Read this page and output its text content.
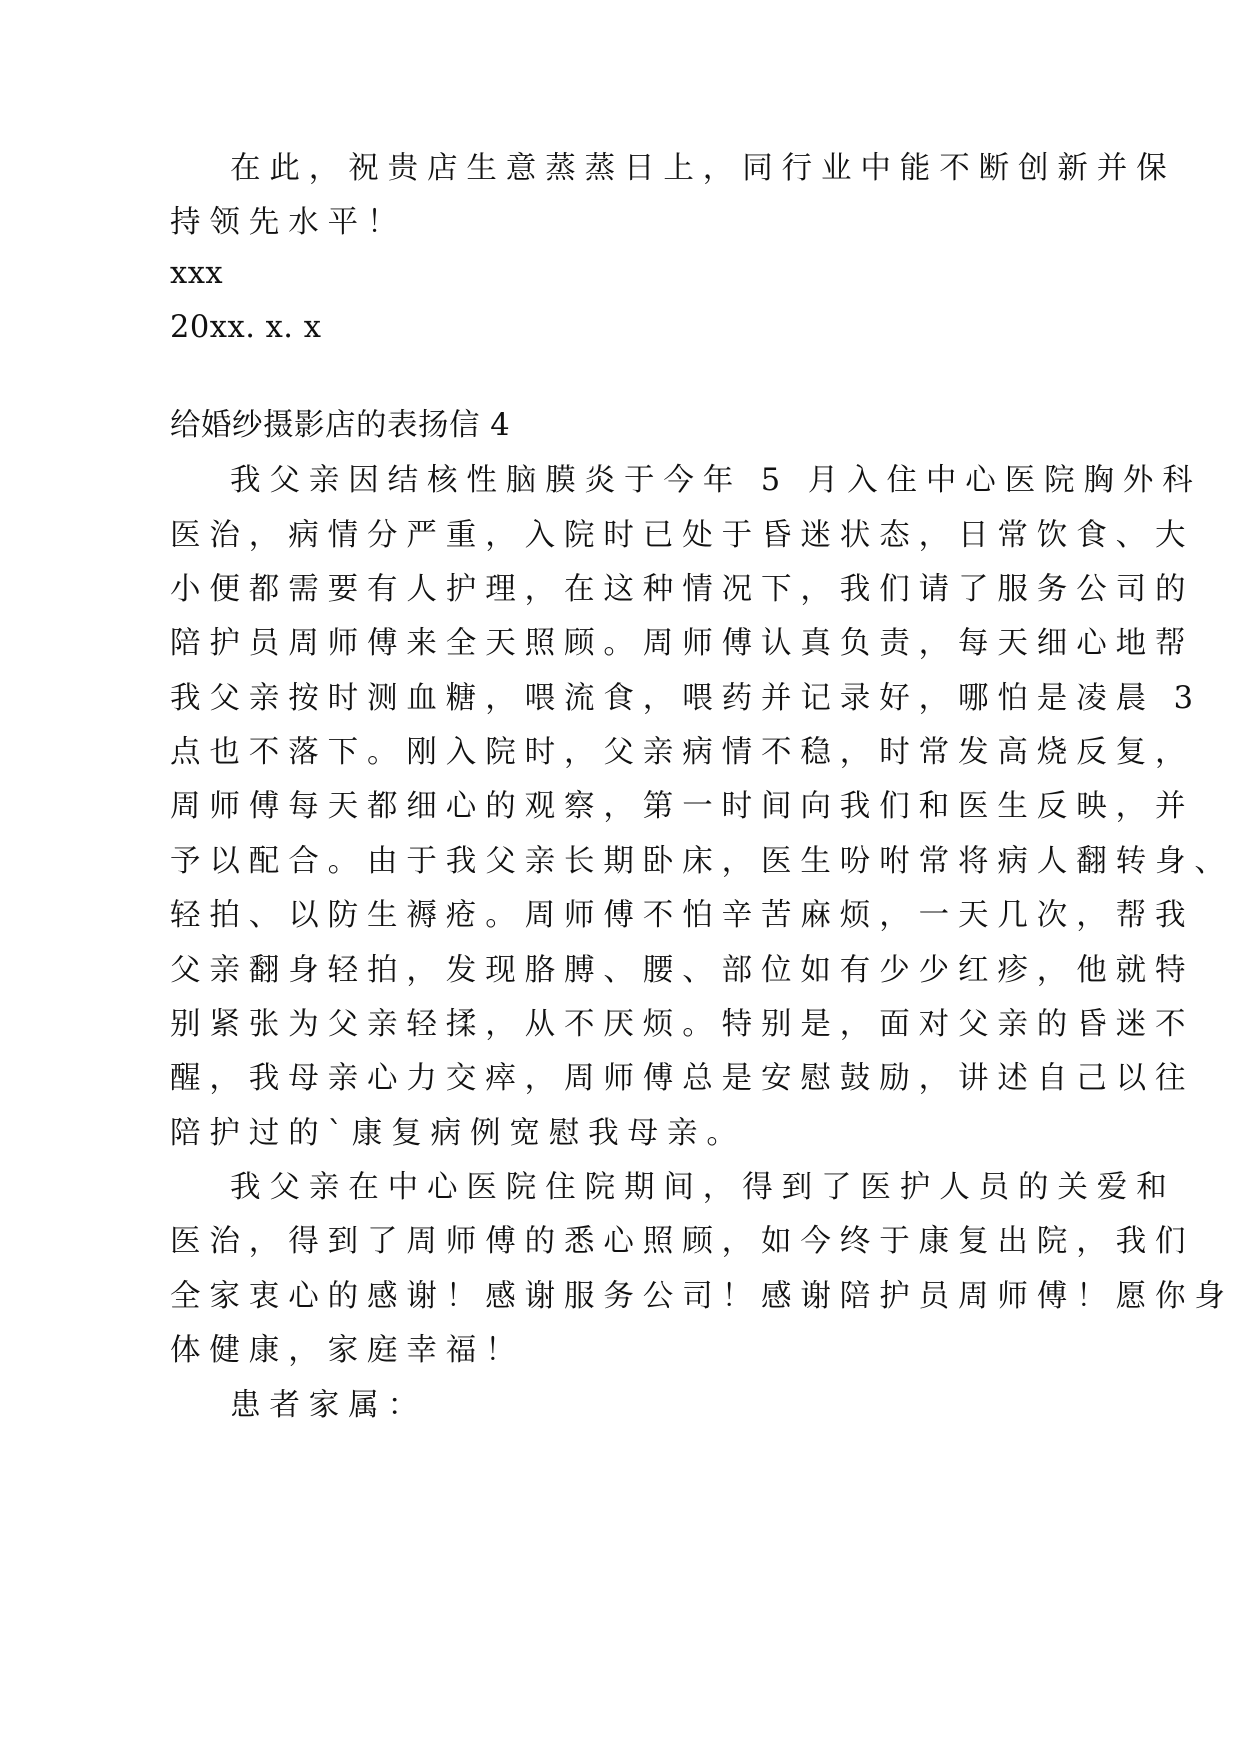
在此，祝贵店生意蒸蒸日上，同行业中能不断创新并保
持领先水平！
xxx
20xx. x. x
给婚纱摄影店的表扬信 4
我父亲因结核性脑膜炎于今年 5 月入住中心医院胸外科
医治，病情分严重，入院时已处于昏迷状态，日常饮食、大
小便都需要有人护理，在这种情况下，我们请了服务公司的
陪护员周师傅来全天照顾。周师傅认真负责，每天细心地帮
我父亲按时测血糖，喂流食，喂药并记录好，哪怕是凌晨 3
点也不落下。刚入院时，父亲病情不稳，时常发高烧反复，
周师傅每天都细心的观察，第一时间向我们和医生反映，并
予以配合。由于我父亲长期卧床，医生吩咐常将病人翻转身、
轻拍、以防生褥疮。周师傅不怕辛苦麻烦，一天几次，帮我
父亲翻身轻拍，发现胳膊、腰、部位如有少少红疹，他就特
别紧张为父亲轻揉，从不厌烦。特别是，面对父亲的昏迷不
醒，我母亲心力交瘁，周师傅总是安慰鼓励，讲述自己以往
陪护过的`康复病例宽慰我母亲。
我父亲在中心医院住院期间，得到了医护人员的关爱和
医治，得到了周师傅的悉心照顾，如今终于康复出院，我们
全家衷心的感谢！感谢服务公司！感谢陪护员周师傅！愿你身
体健康，家庭幸福！
患者家属：
